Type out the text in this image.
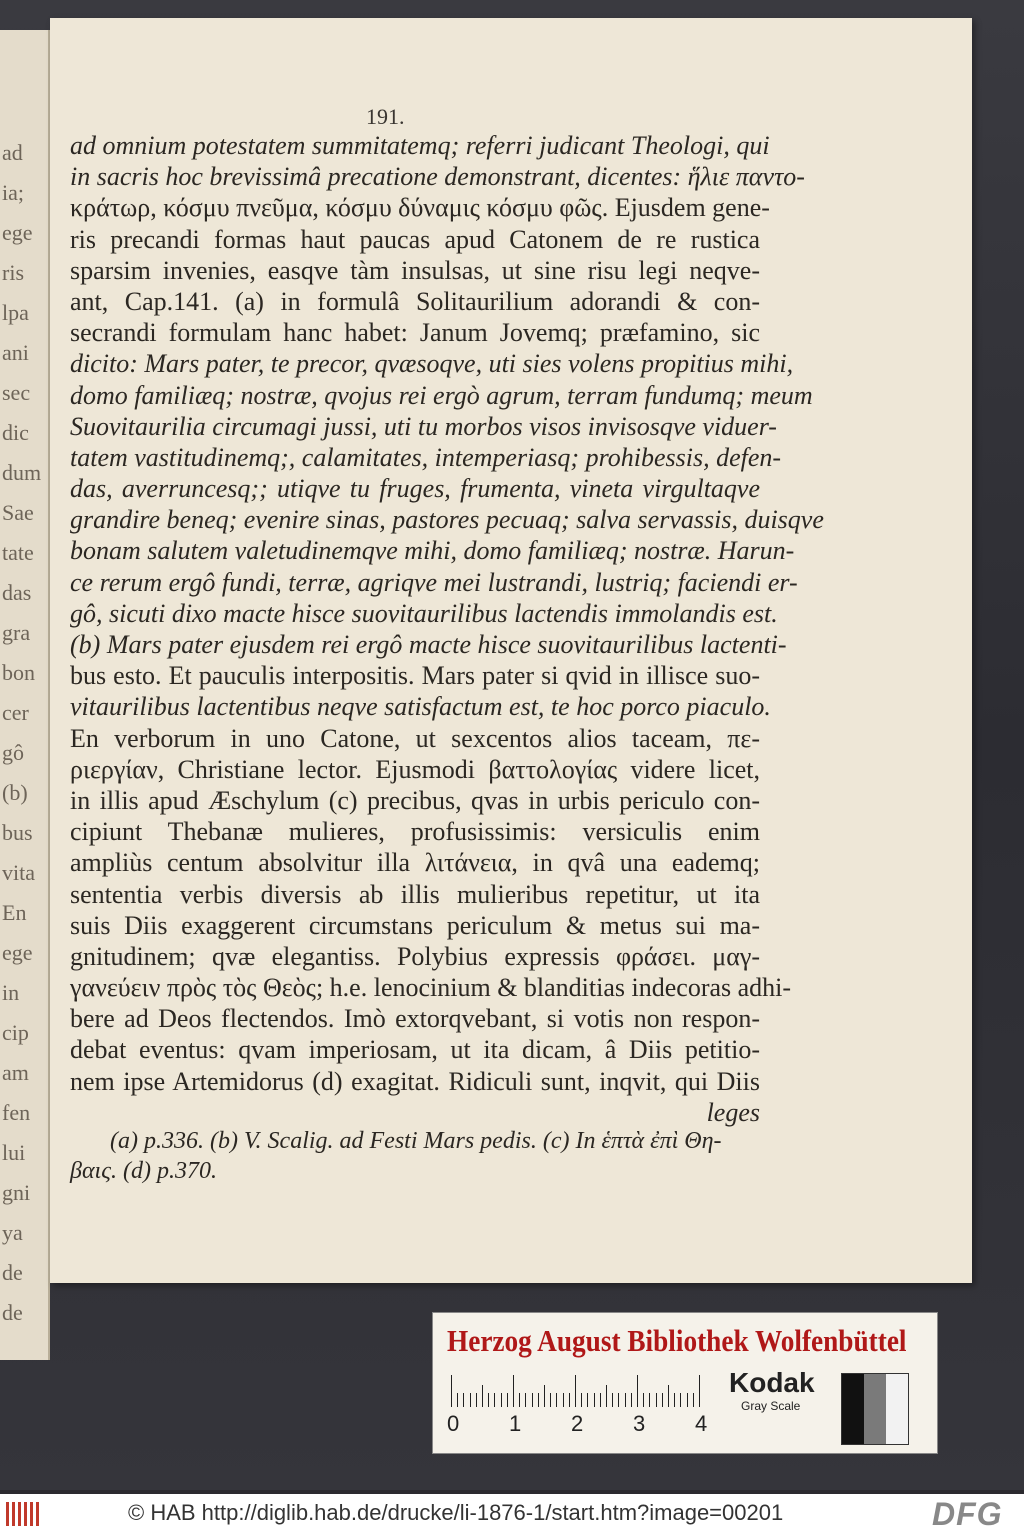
ad
ia;
ege
ris
lpa
ani
sec
dic
dum
Sae
tate
das
gra
bon
cer
gô
(b)
bus
vita
En
ege
in
cip
am
fen
lui
gni
ya
de
de
191.
ad omnium potestatem summitatemq; referri judicant Theologi, qui
in sacris hoc brevissimâ precatione demonstrant, dicentes: ἥλιε παντο-
κράτωρ, κόσμυ πνεῦμα, κόσμυ δύναμις κόσμυ φῶς. Ejusdem gene-
ris precandi formas haut paucas apud Catonem de re rustica
sparsim invenies, easqve tàm insulsas, ut sine risu legi neqve-
ant, Cap.141. (a) in formulâ Solitaurilium adorandi & con-
secrandi formulam hanc habet: Janum Jovemq; præfamino, sic
dicito: Mars pater, te precor, qvæsoqve, uti sies volens propitius mihi,
domo familiæq; nostræ, qvojus rei ergò agrum, terram fundumq; meum
Suovitaurilia circumagi jussi, uti tu morbos visos invisosqve viduer-
tatem vastitudinemq;, calamitates, intemperiasq; prohibessis, defen-
das, averruncesq;; utiqve tu fruges, frumenta, vineta virgultaqve
grandire beneq; evenire sinas, pastores pecuaq; salva servassis, duisqve
bonam salutem valetudinemqve mihi, domo familiæq; nostræ. Harun-
ce rerum ergô fundi, terræ, agriqve mei lustrandi, lustriq; faciendi er-
gô, sicuti dixo macte hisce suovitaurilibus lactendis immolandis est.
(b) Mars pater ejusdem rei ergô macte hisce suovitaurilibus lactenti-
bus esto. Et pauculis interpositis. Mars pater si qvid in illisce suo-
vitaurilibus lactentibus neqve satisfactum est, te hoc porco piaculo.
En verborum in uno Catone, ut sexcentos alios taceam, πε-
ριεργίαν, Christiane lector. Ejusmodi βαττολογίας videre licet,
in illis apud Æschylum (c) precibus, qvas in urbis periculo con-
cipiunt Thebanæ mulieres, profusissimis: versiculis enim
ampliùs centum absolvitur illa λιτάνεια, in qvâ una eademq;
sententia verbis diversis ab illis mulieribus repetitur, ut ita
suis Diis exaggerent circumstans periculum & metus sui ma-
gnitudinem; qvæ elegantiss. Polybius expressis φράσει. μαγ-
γανεύειν πρὸς τὸς Θεὸς; h.e. lenocinium & blanditias indecoras adhi-
bere ad Deos flectendos. Imò extorqvebant, si votis non respon-
debat eventus: qvam imperiosam, ut ita dicam, â Diis petitio-
nem ipse Artemidorus (d) exagitat. Ridiculi sunt, inqvit, qui Diis
leges
(a) p.336. (b) V. Scalig. ad Festi Mars pedis. (c) In ἑπτὰ ἐπὶ Θη-
βαις. (d) p.370.
Herzog August Bibliothek Wolfenbüttel
0 1 2 3 4
Kodak
Gray Scale
© HAB http://diglib.hab.de/drucke/li-1876-1/start.htm?image=00201	DFG
